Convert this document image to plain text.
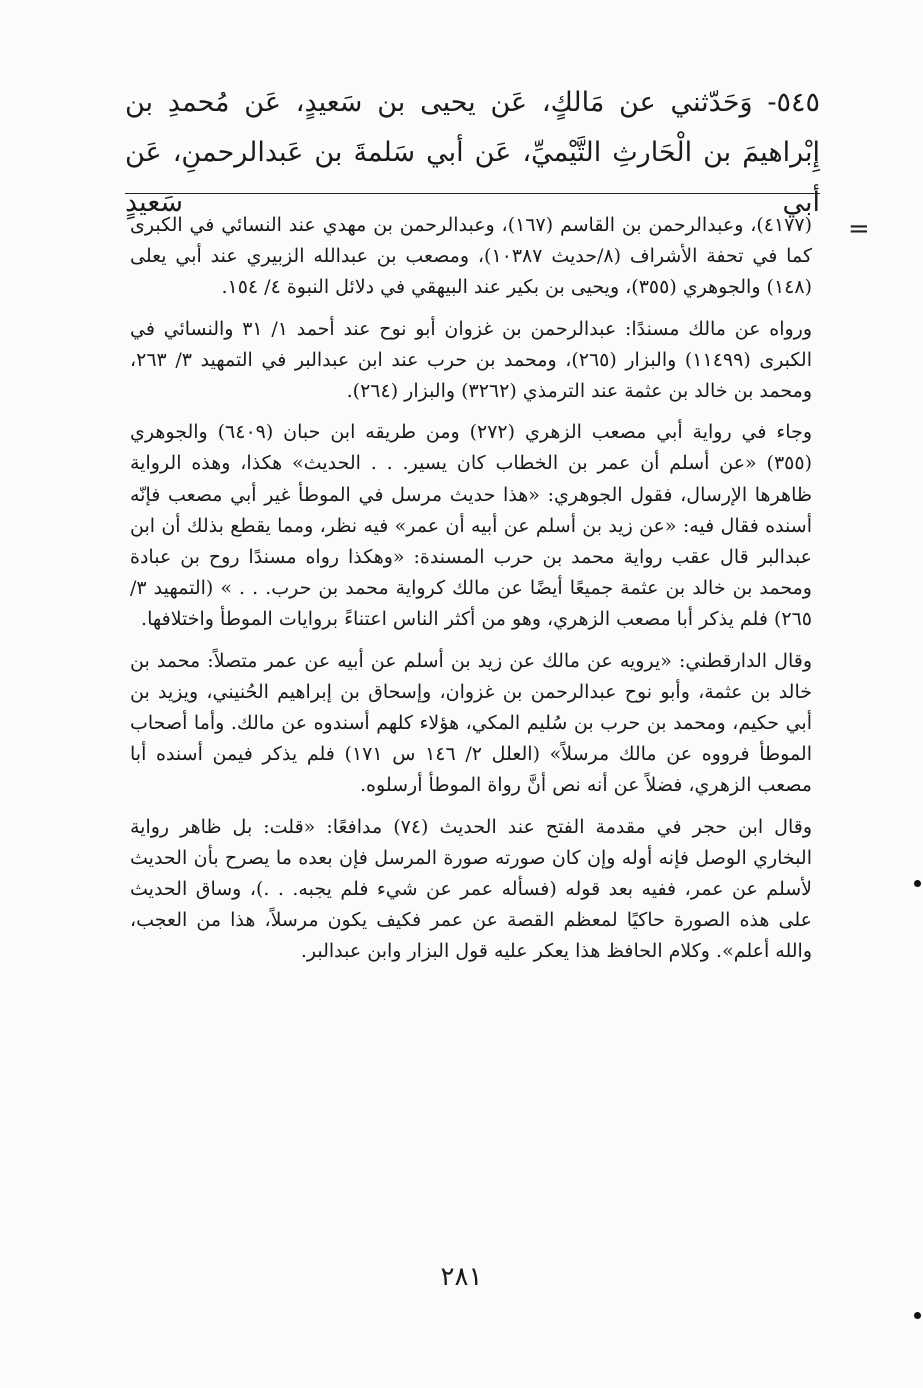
٥٤٥- وَحَدّثني عن مَالكٍ، عَن يحيى بن سَعيدٍ، عَن مُحمدِ بن

إِبْراهيمَ بن الْحَارثِ التَّيْميِّ، عَن أبي سَلمةَ بن عَبدالرحمنِ، عَن أبي سَعيدٍ

=

(٤١٧٧)، وعبدالرحمن بن القاسم (١٦٧)، وعبدالرحمن بن مهدي عند النسائي في الكبرى كما في تحفة الأشراف (٨/حديث ١٠٣٨٧)، ومصعب بن عبدالله الزبيري عند أبي يعلى (١٤٨) والجوهري (٣٥٥)، ويحيى بن بكير عند البيهقي في دلائل النبوة ٤/ ١٥٤.

ورواه عن مالك مسندًا: عبدالرحمن بن غزوان أبو نوح عند أحمد ١/ ٣١ والنسائي في الكبرى (١١٤٩٩) والبزار (٢٦٥)، ومحمد بن حرب عند ابن عبدالبر في التمهيد ٣/ ٢٦٣، ومحمد بن خالد بن عثمة عند الترمذي (٣٢٦٢) والبزار (٢٦٤).

وجاء في رواية أبي مصعب الزهري (٢٧٢) ومن طريقه ابن حبان (٦٤٠٩) والجوهري (٣٥٥) «عن أسلم أن عمر بن الخطاب كان يسير. . . الحديث» هكذا، وهذه الرواية ظاهرها الإرسال، فقول الجوهري: «هذا حديث مرسل في الموطأ غير أبي مصعب فإنّه أسنده فقال فيه: «عن زيد بن أسلم عن أبيه أن عمر» فيه نظر، ومما يقطع بذلك أن ابن عبدالبر قال عقب رواية محمد بن حرب المسندة: «وهكذا رواه مسندًا روح بن عبادة ومحمد بن خالد بن عثمة جميعًا أيضًا عن مالك كرواية محمد بن حرب. . . » (التمهيد ٣/ ٢٦٥) فلم يذكر أبا مصعب الزهري، وهو من أكثر الناس اعتناءً بروايات الموطأ واختلافها.

وقال الدارقطني: «يرويه عن مالك عن زيد بن أسلم عن أبيه عن عمر متصلاً: محمد بن خالد بن عثمة، وأبو نوح عبدالرحمن بن غزوان، وإسحاق بن إبراهيم الحُنيني، ويزيد بن أبي حكيم، ومحمد بن حرب بن سُليم المكي، هؤلاء كلهم أسندوه عن مالك. وأما أصحاب الموطأ فرووه عن مالك مرسلاً» (العلل ٢/ ١٤٦ س ١٧١) فلم يذكر فيمن أسنده أبا مصعب الزهري، فضلاً عن أنه نص أنَّ رواة الموطأ أرسلوه.

وقال ابن حجر في مقدمة الفتح عند الحديث (٧٤) مدافعًا: «قلت: بل ظاهر رواية البخاري الوصل فإنه أوله وإن كان صورته صورة المرسل فإن بعده ما يصرح بأن الحديث لأسلم عن عمر، ففيه بعد قوله (فسأله عمر عن شيء فلم يجبه. . .)، وساق الحديث على هذه الصورة حاكيًا لمعظم القصة عن عمر فكيف يكون مرسلاً، هذا من العجب، والله أعلم». وكلام الحافظ هذا يعكر عليه قول البزار وابن عبدالبر.

٢٨١
